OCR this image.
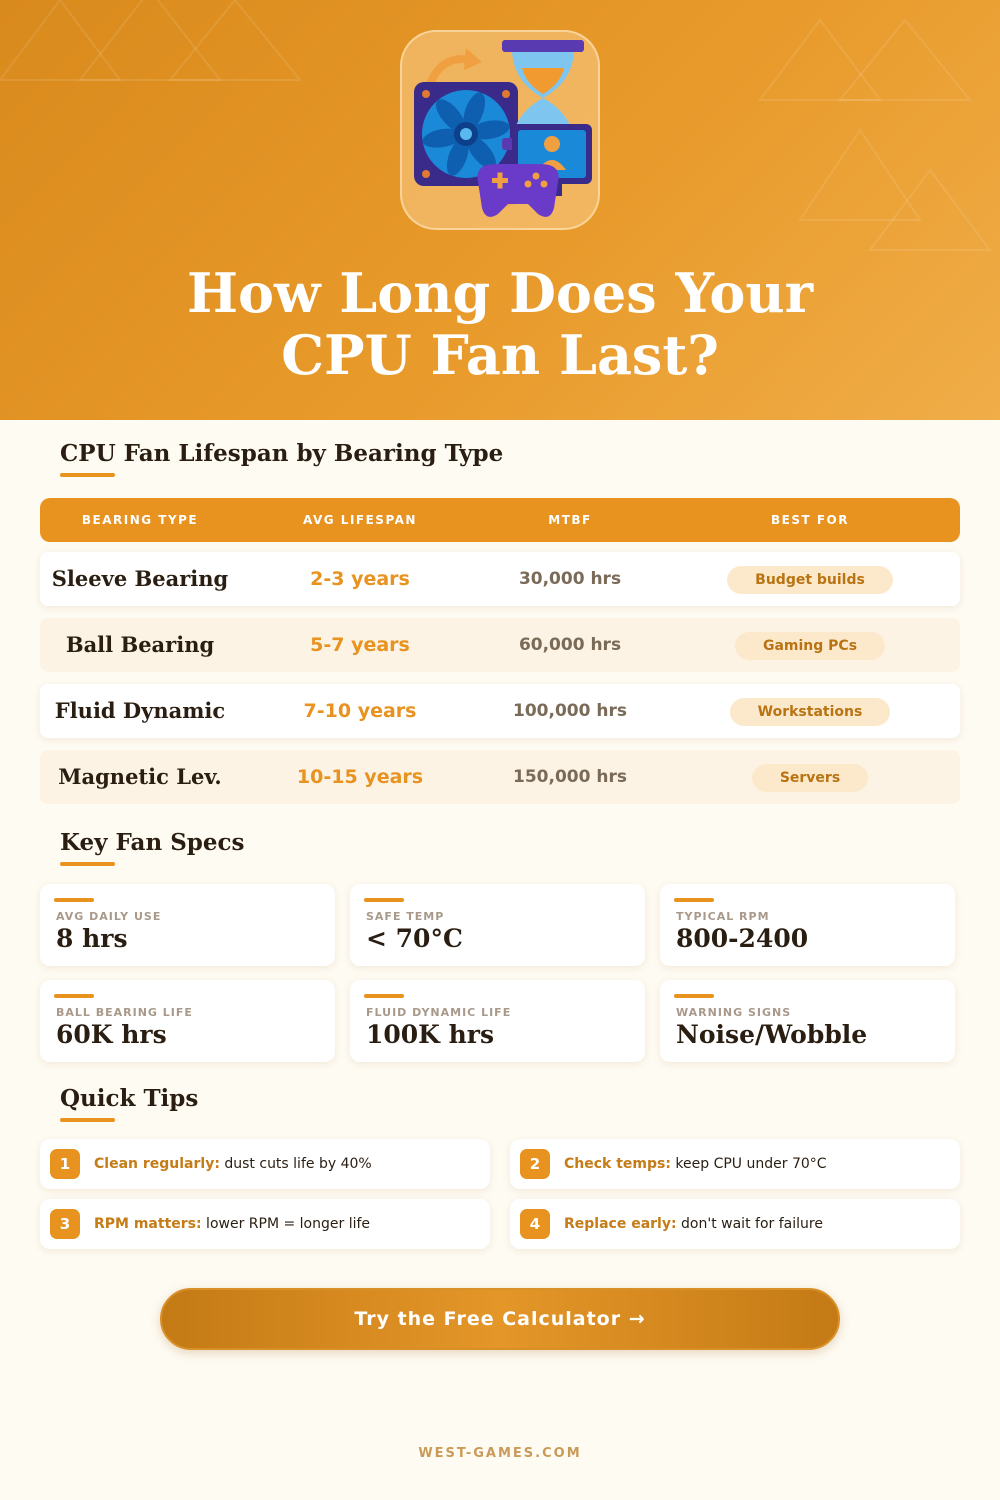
How Long Does Your
CPU Fan Last?
CPU Fan Lifespan by Bearing Type
BEARING TYPE	AVG LIFESPAN	MTBF	BEST FOR
Sleeve Bearing	2-3 years	30,000 hrs	Budget builds
Ball Bearing	5-7 years	60,000 hrs	Gaming PCs
Fluid Dynamic	7-10 years	100,000 hrs	Workstations
Magnetic Lev.	10-15 years	150,000 hrs	Servers
Key Fan Specs
AVG DAILY USE
8 hrs
SAFE TEMP
< 70°C
TYPICAL RPM
800-2400
BALL BEARING LIFE
60K hrs
FLUID DYNAMIC LIFE
100K hrs
WARNING SIGNS
Noise/Wobble
Quick Tips
1	Clean regularly: dust cuts life by 40%	2	Check temps: keep CPU under 70°C
3	RPM matters: lower RPM = longer life	4	Replace early: don't wait for failure
Try the Free Calculator →
WEST-GAMES.COM
